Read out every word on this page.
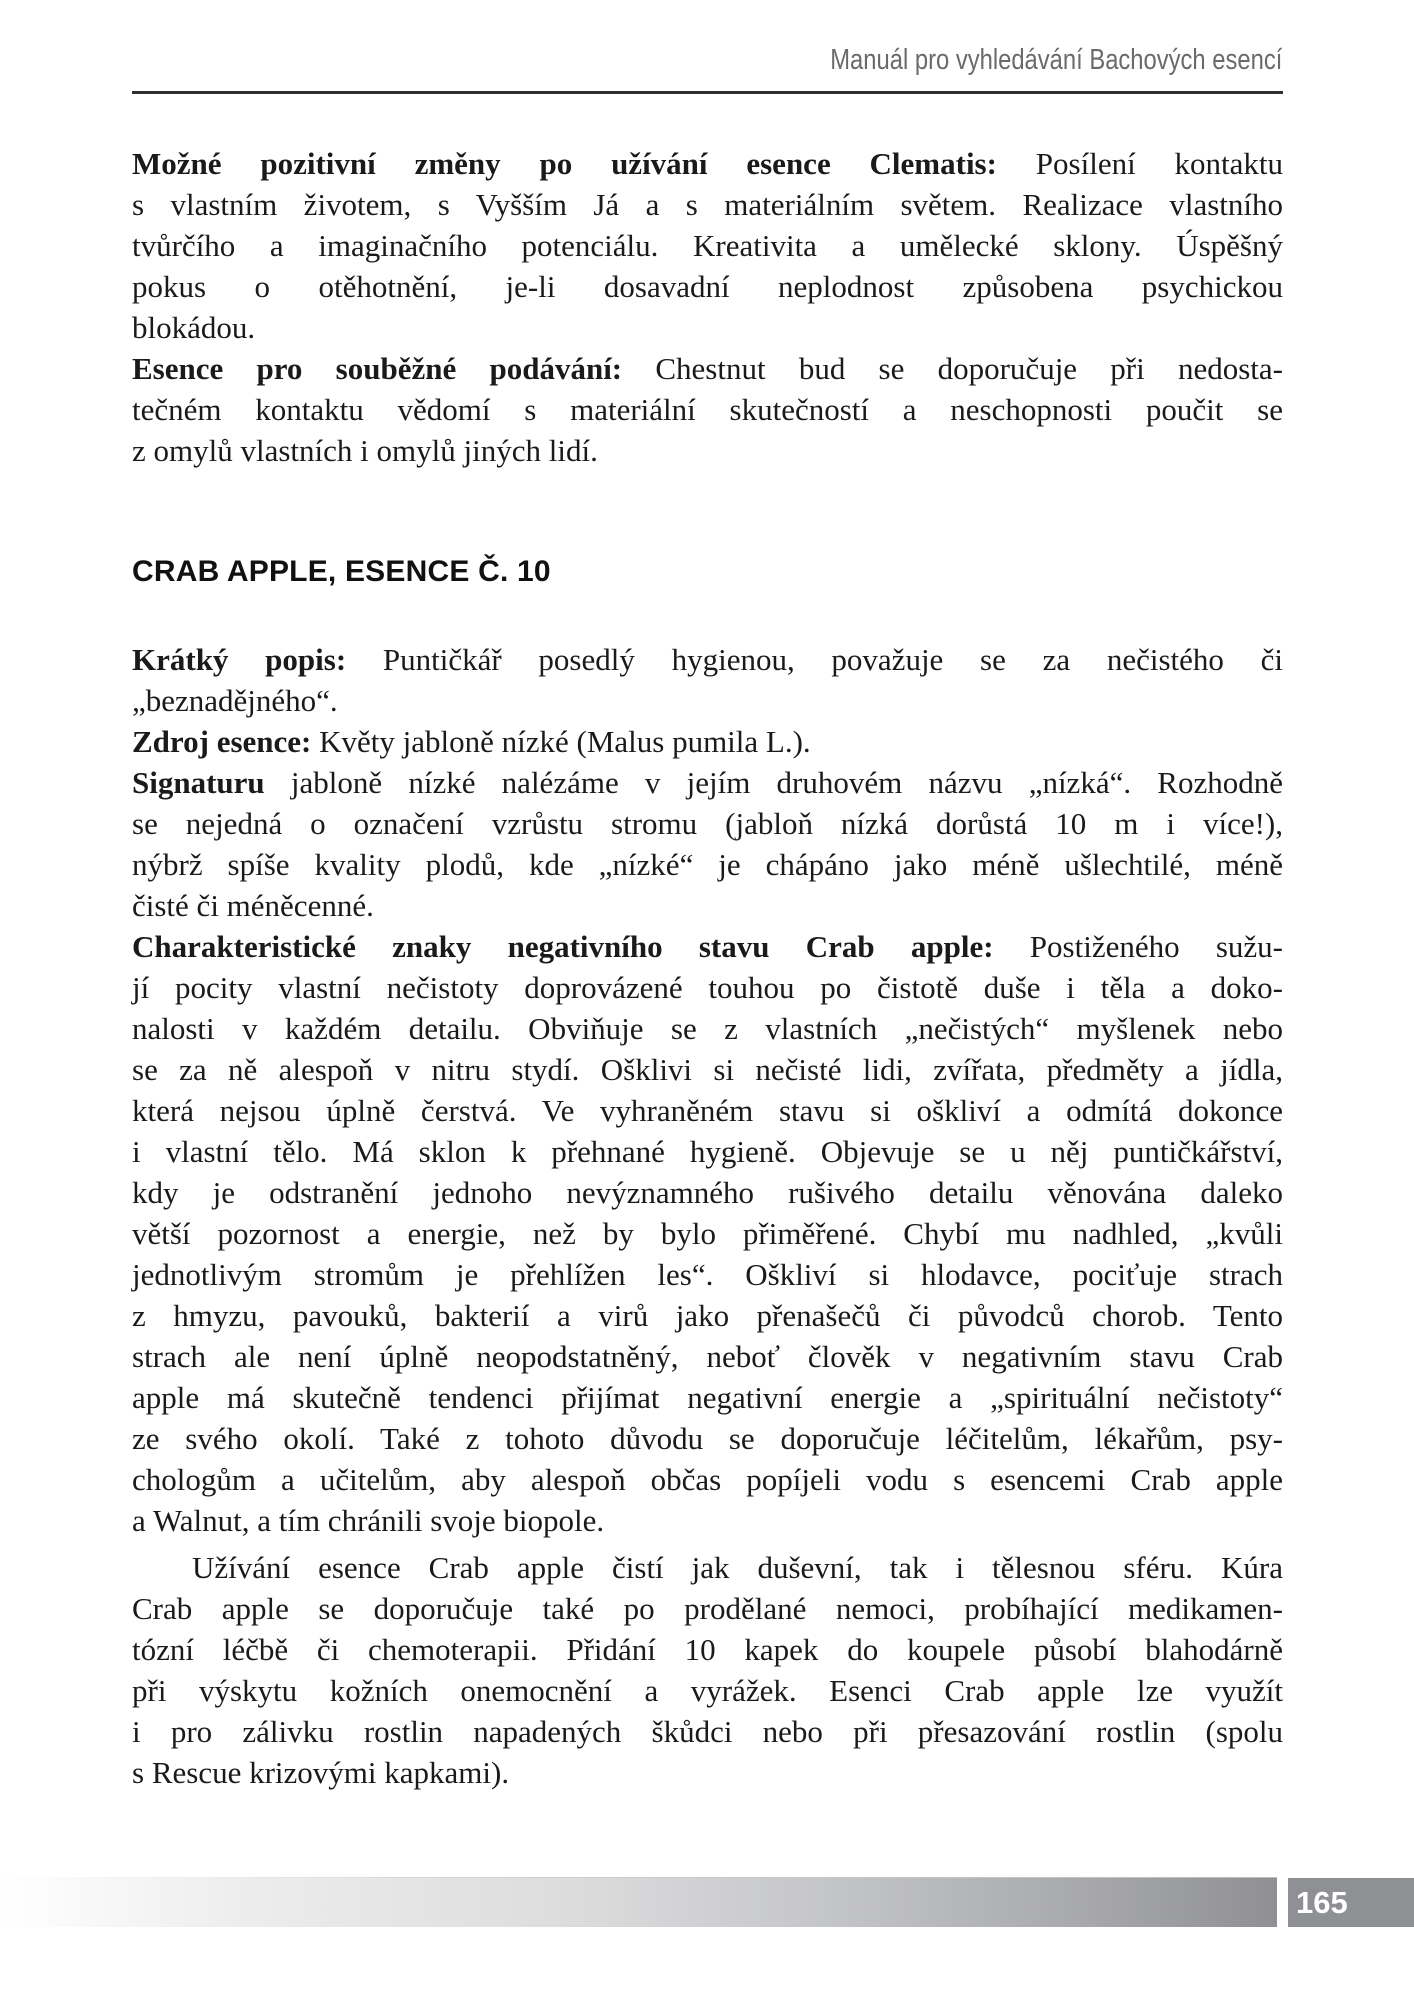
Manuál pro vyhledávání Bachových esencí
Možné pozitivní změny po užívání esence Clematis: Posílení kontaktu
s vlastním životem, s Vyšším Já a s materiálním světem. Realizace vlastního
tvůrčího a imaginačního potenciálu. Kreativita a umělecké sklony. Úspěšný
pokus o otěhotnění, je-li dosavadní neplodnost způsobena psychickou
blokádou.
Esence pro souběžné podávání: Chestnut bud se doporučuje při nedosta-
tečném kontaktu vědomí s materiální skutečností a neschopnosti poučit se
z omylů vlastních i omylů jiných lidí.
CRAB APPLE, ESENCE Č. 10
Krátký popis: Puntičkář posedlý hygienou, považuje se za nečistého či
„beznadějného“.
Zdroj esence: Květy jabloně nízké (Malus pumila L.).
Signaturu jabloně nízké nalézáme v jejím druhovém názvu „nízká“. Rozhodně
se nejedná o označení vzrůstu stromu (jabloň nízká dorůstá 10 m i více!),
nýbrž spíše kvality plodů, kde „nízké“ je chápáno jako méně ušlechtilé, méně
čisté či méněcenné.
Charakteristické znaky negativního stavu Crab apple: Postiženého sužu-
jí pocity vlastní nečistoty doprovázené touhou po čistotě duše i těla a doko-
nalosti v každém detailu. Obviňuje se z vlastních „nečistých“ myšlenek nebo
se za ně alespoň v nitru stydí. Ošklivi si nečisté lidi, zvířata, předměty a jídla,
která nejsou úplně čerstvá. Ve vyhraněném stavu si oškliví a odmítá dokonce
i vlastní tělo. Má sklon k přehnané hygieně. Objevuje se u něj puntičkářství,
kdy je odstranění jednoho nevýznamného rušivého detailu věnována daleko
větší pozornost a energie, než by bylo přiměřené. Chybí mu nadhled, „kvůli
jednotlivým stromům je přehlížen les“. Oškliví si hlodavce, pociťuje strach
z hmyzu, pavouků, bakterií a virů jako přenašečů či původců chorob. Tento
strach ale není úplně neopodstatněný, neboť člověk v negativním stavu Crab
apple má skutečně tendenci přijímat negativní energie a „spirituální nečistoty“
ze svého okolí. Také z tohoto důvodu se doporučuje léčitelům, lékařům, psy-
chologům a učitelům, aby alespoň občas popíjeli vodu s esencemi Crab apple
a Walnut, a tím chránili svoje biopole.
Užívání esence Crab apple čistí jak duševní, tak i tělesnou sféru. Kúra
Crab apple se doporučuje také po prodělané nemoci, probíhající medikamen-
tózní léčbě či chemoterapii. Přidání 10 kapek do koupele působí blahodárně
při výskytu kožních onemocnění a vyrážek. Esenci Crab apple lze využít
i pro zálivku rostlin napadených škůdci nebo při přesazování rostlin (spolu
s Rescue krizovými kapkami).
165
